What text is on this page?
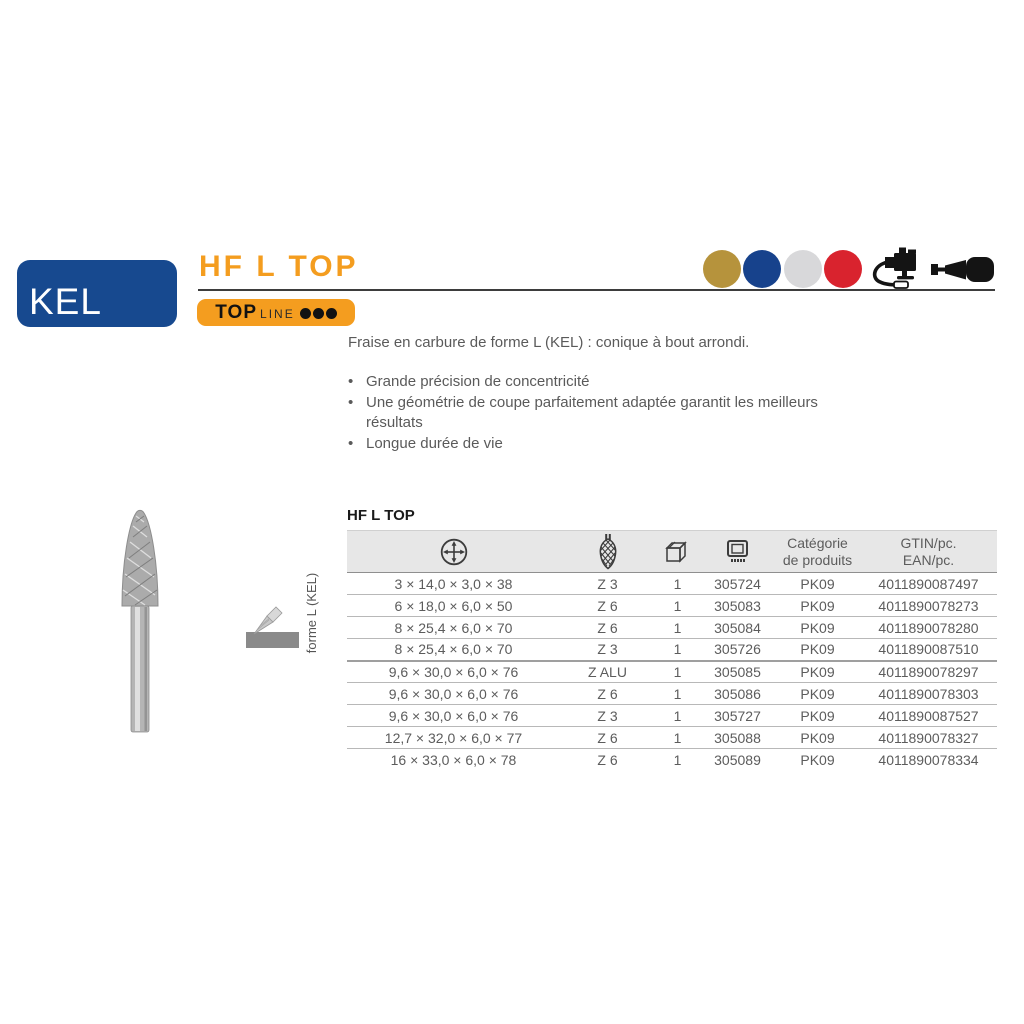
KEL
HF L TOP
TOP LINE
Fraise en carbure de forme L (KEL) : conique à bout arrondi.
• Grande précision de concentricité
• Une géométrie de coupe parfaitement adaptée garantit les meilleurs résultats
• Longue durée de vie
forme L (KEL)
HF L TOP

Catégorie
de produits

GTIN/pc.
EAN/pc.

3 × 14,0 × 3,0 × 38	Z 3	1	305724	PK09	4011890087497
6 × 18,0 × 6,0 × 50	Z 6	1	305083	PK09	4011890078273
8 × 25,4 × 6,0 × 70	Z 6	1	305084	PK09	4011890078280
8 × 25,4 × 6,0 × 70	Z 3	1	305726	PK09	4011890087510
9,6 × 30,0 × 6,0 × 76	Z ALU	1	305085	PK09	4011890078297
9,6 × 30,0 × 6,0 × 76	Z 6	1	305086	PK09	4011890078303
9,6 × 30,0 × 6,0 × 76	Z 3	1	305727	PK09	4011890087527
12,7 × 32,0 × 6,0 × 77	Z 6	1	305088	PK09	4011890078327
16 × 33,0 × 6,0 × 78	Z 6	1	305089	PK09	4011890078334
